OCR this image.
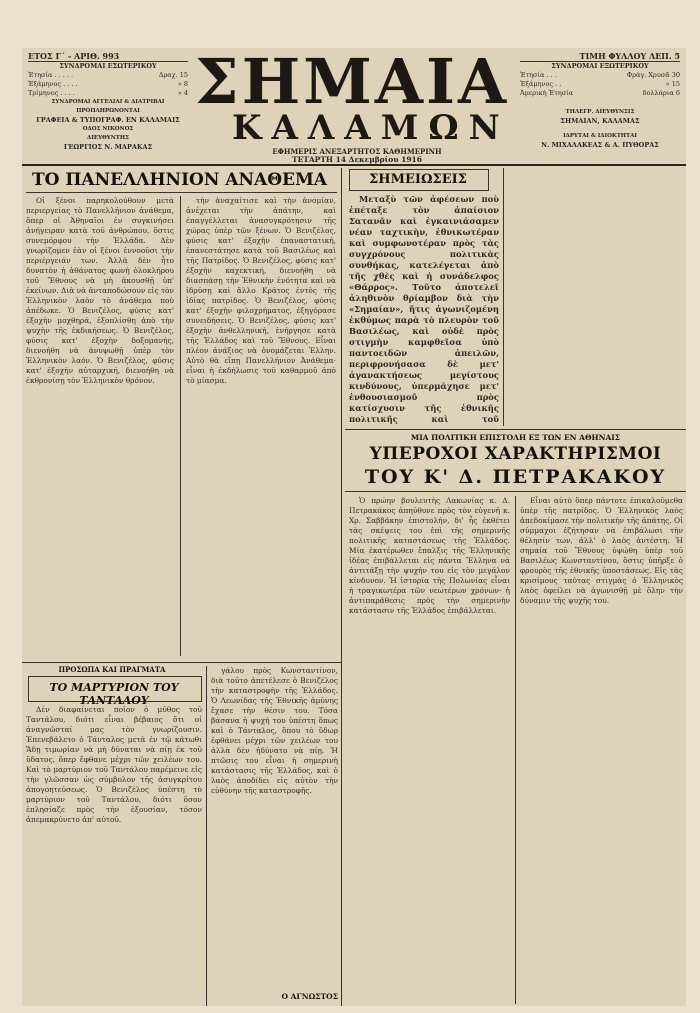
ΕΤΟΣ Γ΄ - ΑΡΙΘ. 993
ΣΥΝΔΡΟΜΑΙ ΕΣΩΤΕΡΙΚΟΥ
Ἐτησία . . . . .	Δραχ. 15
Ἑξάμηνος . . . .	» 8
Τρίμηνος . . . .	» 4
ΣΥΝΔΡΟΜΑΙ ΑΓΓΕΛΙΑΙ & ΔΙΑΤΡΙΒΑΙ ΠΡΟΠΛΗΡΩΝΟΝΤΑΙ
ΓΡΑΦΕΙΑ & ΤΥΠΟΓΡΑΦ. ΕΝ ΚΑΛΑΜΑΙΣ
ΟΔΟΣ ΝΙΚΟΝΟΣ
ΔΙΕΥΘΥΝΤΗΣ
ΓΕΩΡΓΙΟΣ Ν. ΜΑΡΑΚΑΣ
ΣΗΜΑΙΑ
ΚΑΛΑΜΩΝ
ΕΦΗΜΕΡΙΣ ΑΝΕΞΑΡΤΗΤΟΣ ΚΑΘΗΜΕΡΙΝΗ
ΤΕΤΑΡΤΗ 14 Δεκεμβρίου 1916
ΤΙΜΗ ΦΥΛΛΟΥ ΛΕΠ. 5
ΣΥΝΔΡΟΜΑΙ ΕΞΩΤΕΡΙΚΟΥ
Ἐτησία . . .	Φράγ. Χρυσᾶ 30
Ἑξάμηνος . .	» 15
Ἀμερικὴ Ἐτησία	δολλάρια 6
ΤΗΛΕΓΡ. ΔΙΕΥΘΥΝΣΙΣ
ΣΗΜΑΙΑΝ, ΚΑΛΑΜΑΣ
ΙΔΡΥΤΑΙ & ΙΔΙΟΚΤΗΤΑΙ
Ν. ΜΙΧΑΛΑΚΕΑΣ & Α. ΠΥΘΟΡΑΣ
ΤΟ ΠΑΝΕΛΛΗΝΙΟΝ ΑΝΑΘΕΜΑ

Οἱ ξένοι παρηκολούθουν μετὰ περιεργείας τὸ Πανελλήνιον ἀνάθεμα, ὅπερ οἱ Ἀθηναῖοι ἐν συγκινήσει ἀνήγειραν κατὰ τοῦ ἀνθρώπου, ὅστις συνεμόρφου τὴν Ἑλλάδα. Δὲν γνωρίζομεν ἐὰν οἱ ξένοι ἐννοοῦσι τὴν περιέργειάν των. Ἀλλὰ δὲν ἦτο δυνατὸν ἡ ἀθάνατος φωνὴ ὁλοκλήρου τοῦ Ἔθνους νὰ μὴ ἀκουσθῇ ὑπ' ἐκείνων. Διὰ νὰ ἀνταποδώσουν εἰς τὸν Ἑλληνικὸν λαὸν τὸ ἀνάθεμα ποὺ ἀπέδωκε. Ὁ Βενιζέλος, φύσις κατ' ἐξοχὴν μοχθηρά, ἐξοπλίσθη ἀπὸ τὴν ψυχὴν τῆς ἐκδικήσεως. Ὁ Βενιζέλος, φύσις κατ' ἐξοχὴν δοξομανής, διενοήθη νὰ ἀνυψωθῇ ὑπὲρ τὸν Ἑλληνικὸν λαόν. Ὁ Βενιζέλος, φύσις κατ' ἐξοχὴν αὐταρχική, διενοήθη νὰ ἐκθρονίσῃ τὸν Ἑλληνικὸν θρόνον.

τὴν ἀναχαίτισε καὶ τὴν ἀνομίαν, ἀνέχεται τὴν ἀπάτην, καὶ ἐπαγγέλλεται ἀνασυγκρότησιν τῆς χώρας ὑπὲρ τῶν ξένων. Ὁ Βενιζέλος, φύσις κατ' ἐξοχὴν ἐπαναστατική, ἐπανεστάτησε κατὰ τοῦ Βασιλέως καὶ τῆς Πατρίδος. Ὁ Βενιζέλος, φύσις κατ' ἐξοχὴν καχεκτική, διενοήθη νὰ διασπάσῃ τὴν Ἑθνικὴν ἑνότητα καὶ νὰ ἱδρύσῃ καὶ ἄλλο Κράτος ἐντὸς τῆς ἰδίας πατρίδος. Ὁ Βενιζέλος, φύσις κατ' ἐξοχὴν φιλοχρήματος, ἐξηγόρασε συνειδήσεις. Ὁ Βενιζέλος, φύσις κατ' ἐξοχὴν ἀνθελληνική, ἐνήργησε κατὰ τῆς Ἑλλάδος καὶ τοῦ Ἔθνους. Εἶναι πλέον ἀνάξιος νὰ ὀνομάζεται Ἑλλην. Αὐτὸ θὰ εἴπῃ Πανελλήνιον Ἀνάθεμα· εἶναι ἡ ἐκδήλωσις τοῦ καθαρμοῦ ἀπὸ τὸ μίασμα.

ΠΡΟΣΩΠΑ ΚΑΙ ΠΡΑΓΜΑΤΑ
ΤΟ ΜΑΡΤΥΡΙΟΝ ΤΟΥ ΤΑΝΤΑΛΟΥ

Δὲν διαφαίνεται ποῖον ὁ μῦθος τοῦ Ταντάλου, διότι εἶναι βέβαιος ὅτι οἱ ἀναγνῶσταί μας τὸν γνωρίζουσιν. Ἐπενεβάλετο ὁ Τάνταλος μετὰ ἐν τῷ κάτωθι Ἅδῃ τιμωρίαν νὰ μὴ δύναται νὰ πίῃ ἐκ τοῦ ὕδατος, ὅπερ ἔφθανε μέχρι τῶν χειλέων του. Καὶ τὸ μαρτύριον τοῦ Ταντάλου παρέμεινε εἰς τὴν γλῶσσαν ὡς σύμβολον τῆς ἀσυγκρίτου ἀπογοητεύσεως. Ὁ Βενιζέλος ὑπέστη τὸ μαρτύριον τοῦ Ταντάλου, διότι ὅσον ἐπλησίαζε πρὸς τὴν ἐξουσίαν, τόσον ἀπεμακρύνετο ἀπ' αὐτοῦ.

γάλου πρὸς Κωνσταντίνον, διὰ τοῦτο ἀπετέλεσε ὁ Βενιζέλος τὴν καταστροφὴν τῆς Ἑλλάδος. Ὁ Λεωνίδας τῆς Ἑθνικῆς ἀμύνης ἔχασε τὴν θέσιν του. Τόσα βάσανα ἡ ψυχή του ὑπέστη ὅπως καὶ ὁ Τάνταλος, ὅπου τὸ ὕδωρ ἐφθάνει μέχρι τῶν χειλέων του ἀλλὰ δὲν ἠδύνατο νὰ πίῃ. Ἡ πτῶσις του εἶναι ἡ σημερινὴ κατάστασις τῆς Ἑλλάδος, καὶ ὁ λαὸς ἀποδίδει εἰς αὐτὸν τὴν εὐθύνην τῆς καταστροφῆς.

Ο ΑΓΝΩΣΤΟΣ
ΣΗΜΕΙΩΣΕΙΣ

Μεταξὺ τῶν ἀφέσεων ποὺ ἐπέταξε τὸν ἀπαίσιον Σατανᾶν καὶ ἐγκαινιάσαμεν νέαν ταχτικὴν, ἐθνικωτέραν καὶ συμφωνοτέραν πρὸς τὰς συγχρόνους πολιτικὰς συνθήκας, κατελέγεται ἀπὸ τῆς χθὲς καὶ ἡ συνάδελφος «Θάρρος». Τοῦτο ἀποτελεῖ ἀληθινὸν θρίαμβον διὰ τὴν «Σημαίαν», ἥτις ἀγωνιζομένη ἐκθύμως παρὰ τὸ πλευρὸν τοῦ Βασιλέως, καὶ οὐδὲ πρὸς στιγμὴν καμφθεῖσα ὑπὸ παντοειδῶν ἀπειλῶν, περιφρονήσασα δὲ μετ' ἀγανακτήσεως μεγίστους κινδύνους, ὑπερμάχησε μετ' ἐνθουσιασμοῦ πρὸς κατίσχυσιν τῆς ἐθνικῆς πολιτικῆς καὶ τοῦ

ΜΙΑ ΠΟΛΙΤΙΚΗ ΕΠΙΣΤΟΛΗ ΕΞ ΤΩΝ ΕΝ ΑΘΗΝΑΙΣ
ΥΠΕΡΟΧΟΙ ΧΑΡΑΚΤΗΡΙΣΜΟΙ
ΤΟΥ Κ' Δ. ΠΕΤΡΑΚΑΚΟΥ

Ὁ πρώην βουλευτὴς Λακωνίας κ. Δ. Πετρακάκος ἀπηύθυνε πρὸς τὸν εὐγενῆ κ. Χρ. Σαββάκην ἐπιστολήν, δι' ἧς ἐκθέτει τὰς σκέψεις του ἐπὶ τῆς σημερινῆς πολιτικῆς καταστάσεως τῆς Ἑλλάδος. Μία ἐκατέρωθεν ἔπαλξις τῆς Ἑλληνικῆς ἰδέας ἐπιβάλλεται εἰς πάντα Ἕλληνα νὰ ἀντιτάξῃ τὴν ψυχήν του εἰς τὸν μεγάλον κίνδυνον. Ἡ ἱστορία τῆς Πολωνίας εἶναι ἡ τραγικωτέρα τῶν νεωτέρων χρόνων· ἡ ἀντιπαράθεσις πρὸς τὴν σημερινὴν κατάστασιν τῆς Ἑλλάδος ἐπιβάλλεται.

Εἶναι αὐτὸ ὅπερ πάντοτε ἐπικαλοῦμεθα ὑπὲρ τῆς πατρίδος. Ὁ Ἑλληνικὸς λαὸς ἀπεδοκίμασε τὴν πολιτικὴν τῆς ἀπάτης. Οἱ σύμμαχοι ἐζήτησαν νὰ ἐπιβάλωσι τὴν θέλησίν των, ἀλλ' ὁ λαὸς ἀντέστη. Ἡ σημαία τοῦ Ἔθνους ὑψώθη ὑπὲρ τοῦ Βασιλέως Κωνσταντίνου, ὅστις ὑπῆρξε ὁ φρουρὸς τῆς ἐθνικῆς ὑποστάσεως. Εἰς τὰς κρισίμους ταύτας στιγμὰς ὁ Ἑλληνικὸς λαὸς ὀφείλει νὰ ἀγωνισθῇ μὲ ὅλην τὴν δύναμιν τῆς ψυχῆς του.
